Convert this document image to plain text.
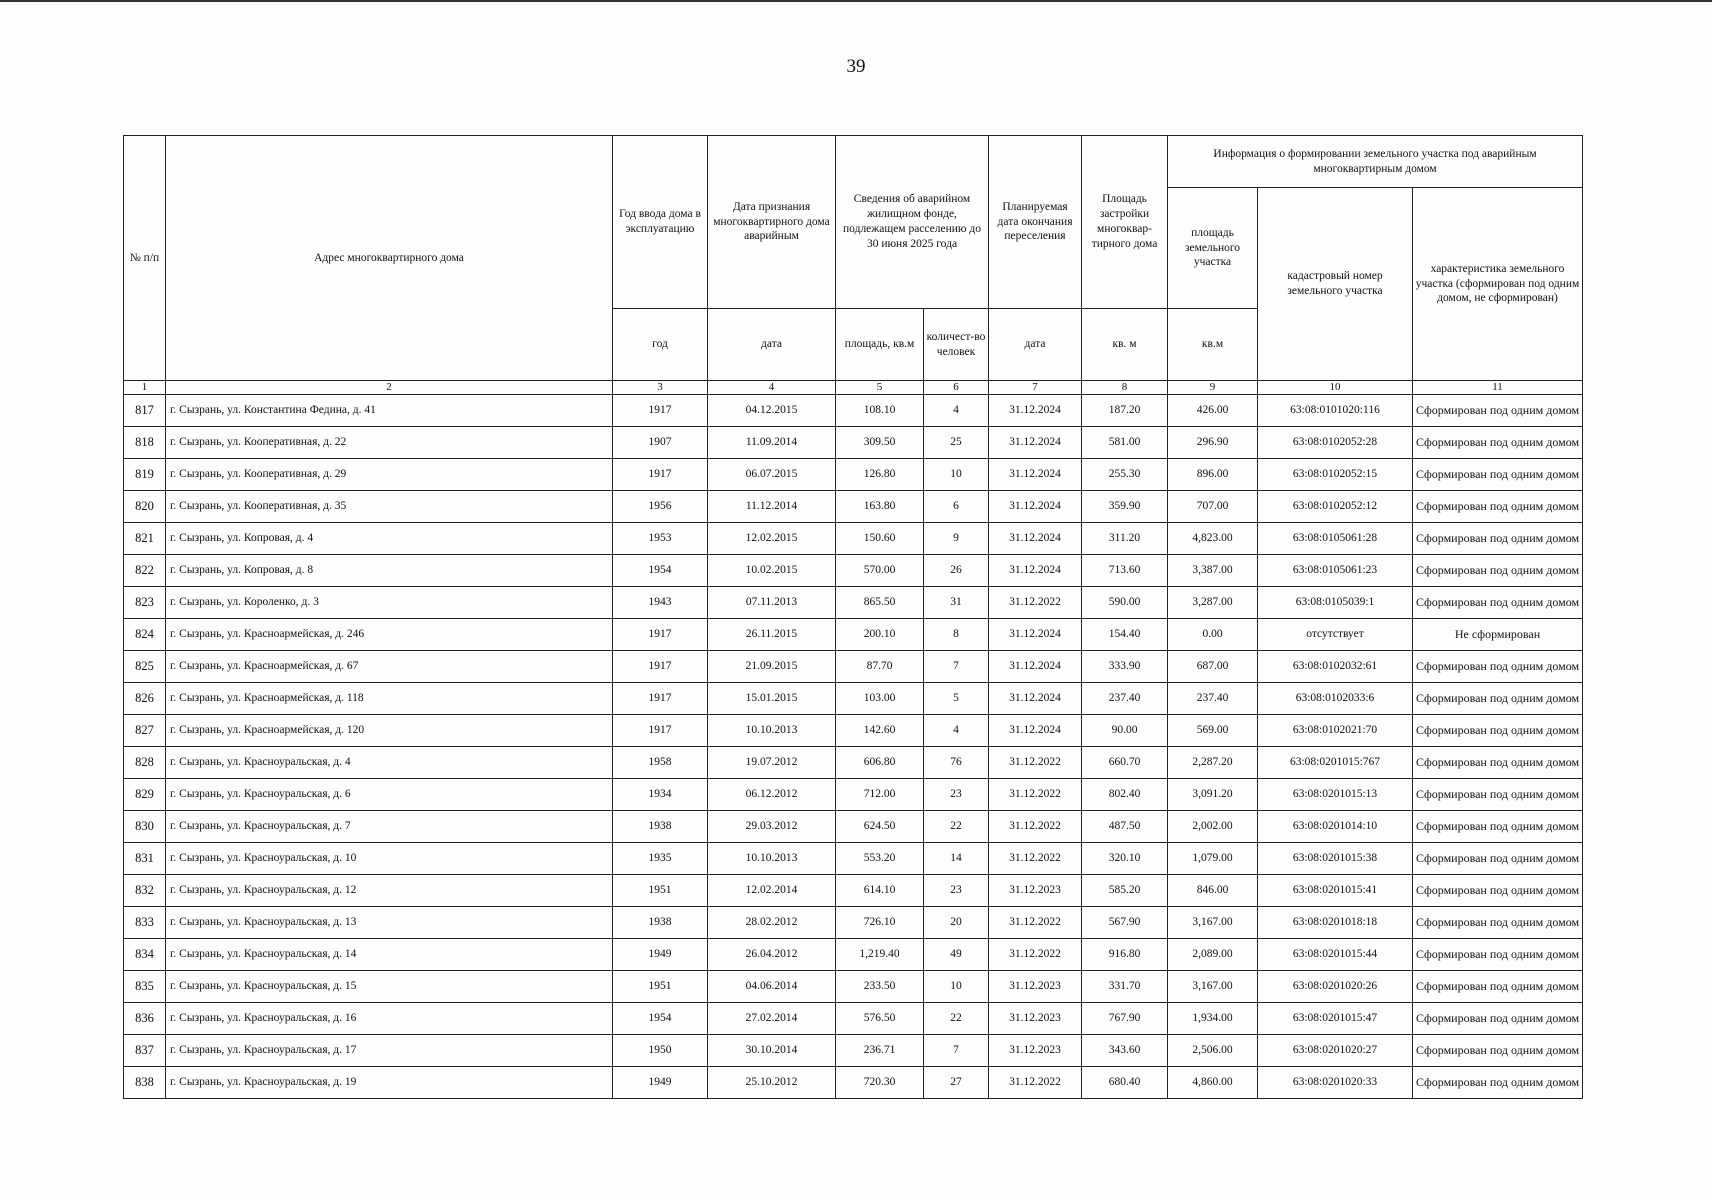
39
№ п/п	Адрес многоквартирного дома	Год ввода дома в эксплуатацию	Дата признания многоквартирного дома аварийным	Сведения об аварийном жилищном фонде, подлежащем расселению до 30 июня 2025 года		Планируемая дата окончания переселения	Площадь застройки многоквар-тирного дома	Информация о формировании земельного участка под аварийным многоквартирным домом		
								площадь земельного участка	кадастровый номер земельного участка	характеристика земельного участка (сформирован под одним домом, не сформирован)
		год	дата	площадь, кв.м	количест-во человек	дата	кв. м	кв.м		
1	2	3	4	5	6	7	8	9	10	11
817	г. Сызрань, ул. Константина Федина, д. 41	1917	04.12.2015	108.10	4	31.12.2024	187.20	426.00	63:08:0101020:116	Сформирован под одним домом
818	г. Сызрань, ул. Кооперативная, д. 22	1907	11.09.2014	309.50	25	31.12.2024	581.00	296.90	63:08:0102052:28	Сформирован под одним домом
819	г. Сызрань, ул. Кооперативная, д. 29	1917	06.07.2015	126.80	10	31.12.2024	255.30	896.00	63:08:0102052:15	Сформирован под одним домом
820	г. Сызрань, ул. Кооперативная, д. 35	1956	11.12.2014	163.80	6	31.12.2024	359.90	707.00	63:08:0102052:12	Сформирован под одним домом
821	г. Сызрань, ул. Копровая, д. 4	1953	12.02.2015	150.60	9	31.12.2024	311.20	4,823.00	63:08:0105061:28	Сформирован под одним домом
822	г. Сызрань, ул. Копровая, д. 8	1954	10.02.2015	570.00	26	31.12.2024	713.60	3,387.00	63:08:0105061:23	Сформирован под одним домом
823	г. Сызрань, ул. Короленко, д. 3	1943	07.11.2013	865.50	31	31.12.2022	590.00	3,287.00	63:08:0105039:1	Сформирован под одним домом
824	г. Сызрань, ул. Красноармейская, д. 246	1917	26.11.2015	200.10	8	31.12.2024	154.40	0.00	отсутствует	Не сформирован
825	г. Сызрань, ул. Красноармейская, д. 67	1917	21.09.2015	87.70	7	31.12.2024	333.90	687.00	63:08:0102032:61	Сформирован под одним домом
826	г. Сызрань, ул. Красноармейская, д. 118	1917	15.01.2015	103.00	5	31.12.2024	237.40	237.40	63:08:0102033:6	Сформирован под одним домом
827	г. Сызрань, ул. Красноармейская, д. 120	1917	10.10.2013	142.60	4	31.12.2024	90.00	569.00	63:08:0102021:70	Сформирован под одним домом
828	г. Сызрань, ул. Красноуральская, д. 4	1958	19.07.2012	606.80	76	31.12.2022	660.70	2,287.20	63:08:0201015:767	Сформирован под одним домом
829	г. Сызрань, ул. Красноуральская, д. 6	1934	06.12.2012	712.00	23	31.12.2022	802.40	3,091.20	63:08:0201015:13	Сформирован под одним домом
830	г. Сызрань, ул. Красноуральская, д. 7	1938	29.03.2012	624.50	22	31.12.2022	487.50	2,002.00	63:08:0201014:10	Сформирован под одним домом
831	г. Сызрань, ул. Красноуральская, д. 10	1935	10.10.2013	553.20	14	31.12.2022	320.10	1,079.00	63:08:0201015:38	Сформирован под одним домом
832	г. Сызрань, ул. Красноуральская, д. 12	1951	12.02.2014	614.10	23	31.12.2023	585.20	846.00	63:08:0201015:41	Сформирован под одним домом
833	г. Сызрань, ул. Красноуральская, д. 13	1938	28.02.2012	726.10	20	31.12.2022	567.90	3,167.00	63:08:0201018:18	Сформирован под одним домом
834	г. Сызрань, ул. Красноуральская, д. 14	1949	26.04.2012	1,219.40	49	31.12.2022	916.80	2,089.00	63:08:0201015:44	Сформирован под одним домом
835	г. Сызрань, ул. Красноуральская, д. 15	1951	04.06.2014	233.50	10	31.12.2023	331.70	3,167.00	63:08:0201020:26	Сформирован под одним домом
836	г. Сызрань, ул. Красноуральская, д. 16	1954	27.02.2014	576.50	22	31.12.2023	767.90	1,934.00	63:08:0201015:47	Сформирован под одним домом
837	г. Сызрань, ул. Красноуральская, д. 17	1950	30.10.2014	236.71	7	31.12.2023	343.60	2,506.00	63:08:0201020:27	Сформирован под одним домом
838	г. Сызрань, ул. Красноуральская, д. 19	1949	25.10.2012	720.30	27	31.12.2022	680.40	4,860.00	63:08:0201020:33	Сформирован под одним домом
